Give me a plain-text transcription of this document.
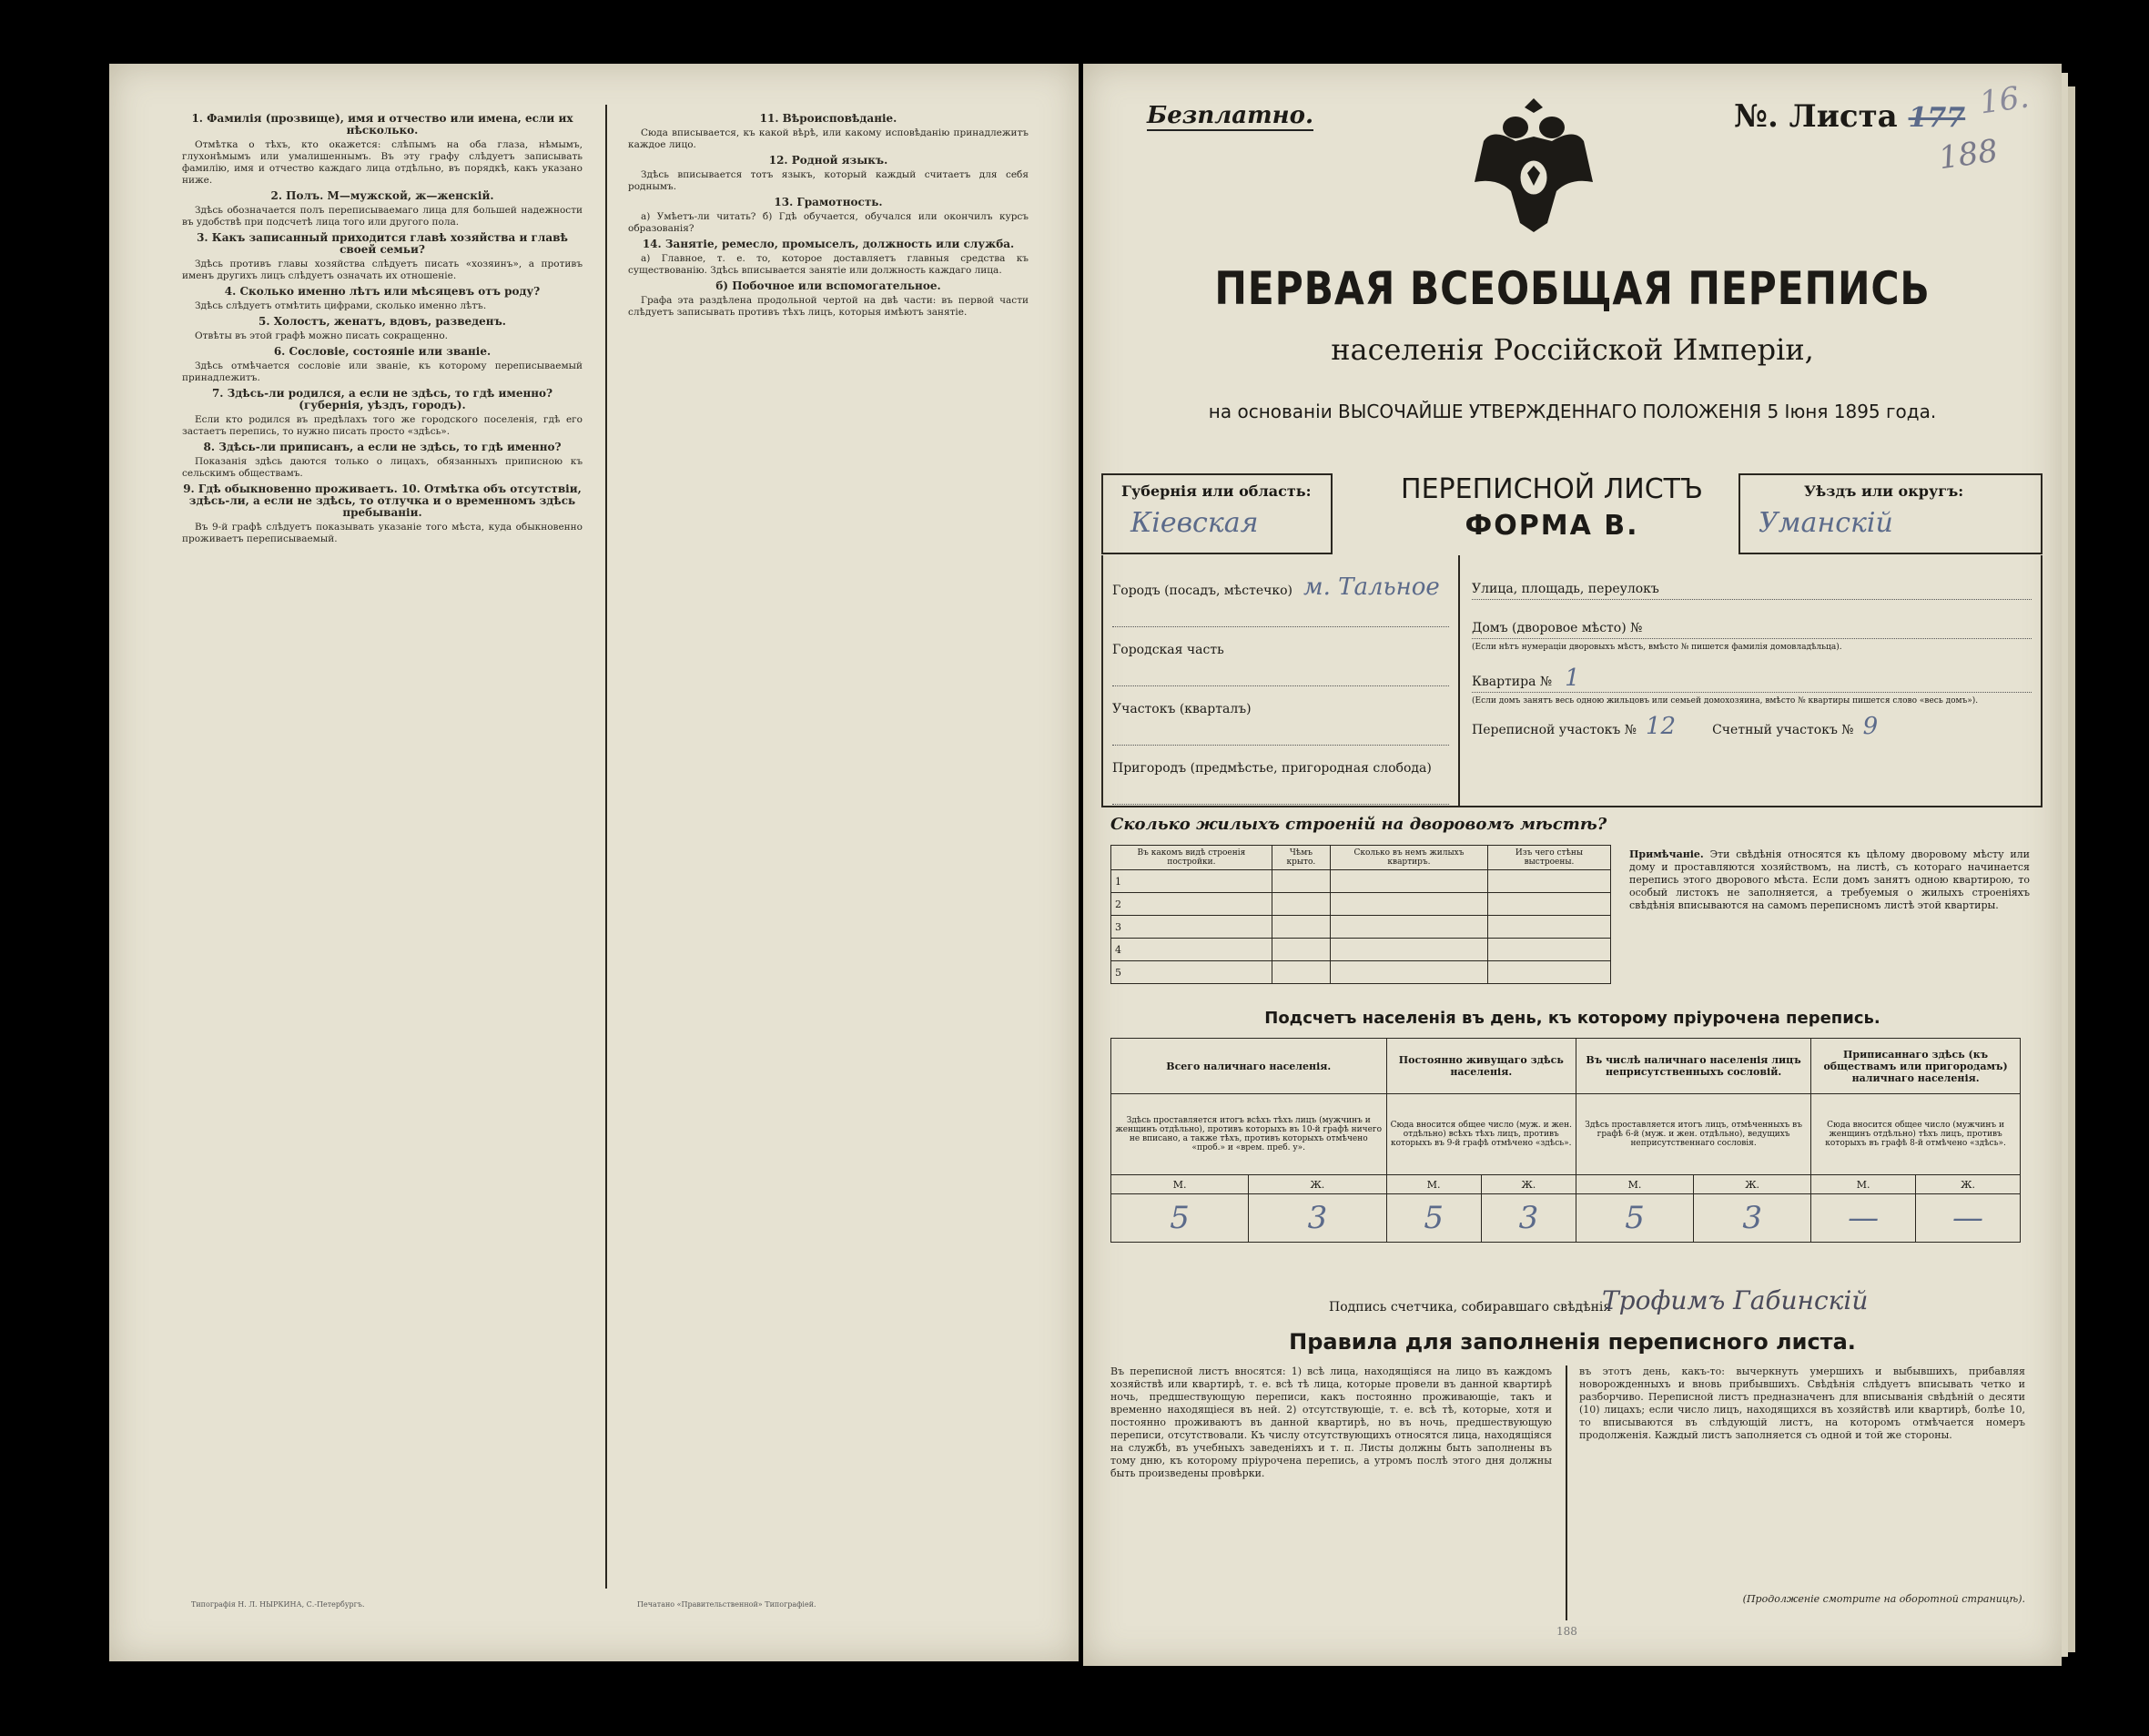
1. Фамилія (прозвище), имя и отчество или имена, если их нѣсколько.

Отмѣтка о тѣхъ, кто окажется: слѣпымъ на оба глаза, нѣмымъ, глухонѣмымъ или умалишеннымъ. Въ эту графу слѣдуетъ записывать фамилію, имя и отчество каждаго лица отдѣльно, въ порядкѣ, какъ указано ниже.

2. Полъ. М—мужской, ж—женскій.

Здѣсь обозначается полъ переписываемаго лица для большей надежности въ удобствѣ при подсчетѣ лица того или другого пола.

3. Какъ записанный приходится главѣ хозяйства и главѣ своей семьи?

Здѣсь противъ главы хозяйства слѣдуетъ писать «хозяинъ», а противъ именъ другихъ лицъ слѣдуетъ означать их отношеніе.

4. Сколько именно лѣтъ или мѣсяцевъ отъ роду?

Здѣсь слѣдуетъ отмѣтить цифрами, сколько именно лѣтъ.

5. Холостъ, женатъ, вдовъ, разведенъ.

Отвѣты въ этой графѣ можно писать сокращенно.

6. Сословіе, состояніе или званіе.

Здѣсь отмѣчается сословіе или званіе, къ которому переписываемый принадлежитъ.

7. Здѣсь-ли родился, а если не здѣсь, то гдѣ именно? (губернія, уѣздъ, городъ).

Если кто родился въ предѣлахъ того же городского поселенія, гдѣ его застаетъ перепись, то нужно писать просто «здѣсь».

8. Здѣсь-ли приписанъ, а если не здѣсь, то гдѣ именно?

Показанія здѣсь даются только о лицахъ, обязанныхъ приписною къ сельскимъ обществамъ.

9. Гдѣ обыкновенно проживаетъ. 10. Отмѣтка объ отсутствіи, здѣсь-ли, а если не здѣсь, то отлучка и о временномъ здѣсь пребываніи.

Въ 9-й графѣ слѣдуетъ показывать указаніе того мѣста, куда обыкновенно проживаетъ переписываемый.

11. Вѣроисповѣданіе.

Сюда вписывается, къ какой вѣрѣ, или какому исповѣданію принадлежитъ каждое лицо.

12. Родной языкъ.

Здѣсь вписывается тотъ языкъ, который каждый считаетъ для себя роднымъ.

13. Грамотность.

а) Умѣетъ-ли читать? б) Гдѣ обучается, обучался или окончилъ курсъ образованія?

14. Занятіе, ремесло, промыселъ, должность или служба.

а) Главное, т. е. то, которое доставляетъ главныя средства къ существованію. Здѣсь вписывается занятіе или должность каждаго лица.

б) Побочное или вспомогательное.

Графа эта раздѣлена продольной чертой на двѣ части: въ первой части слѣдуетъ записывать противъ тѣхъ лицъ, которыя имѣютъ занятіе.

Типографія Н. Л. НЫРКИНА, С.-Петербургъ.	Печатано «Правительственной» Типографіей.
Безплатно.	№. Листа 177 16.
188
ПЕРВАЯ ВСЕОБЩАЯ ПЕРЕПИСЬ
населенія Россійской Имперіи,
на основаніи ВЫСОЧАЙШЕ УТВЕРЖДЕННАГО ПОЛОЖЕНІЯ 5 Іюня 1895 года.
Губернія или область:
Кіевская
ПЕРЕПИСНОЙ ЛИСТЪ
ФОРМА В.
Уѣздъ или округъ:
Уманскій
Городъ (посадъ, мѣстечко) м. Тальное
Городская часть
Участокъ (кварталъ)
Пригородъ (предмѣстье, пригородная слобода)
Улица, площадь, переулокъ
Домъ (дворовое мѣсто) №
(Если нѣтъ нумераціи дворовыхъ мѣстъ, вмѣсто № пишется фамилія домовладѣльца).
Квартира № 1
(Если домъ занятъ весь одною жильцовъ или семьей домохозяина, вмѣсто № квартиры пишется слово «весь домъ»).
Переписной участокъ № 12	Счетный участокъ № 9
Сколько жилыхъ строеній на дворовомъ мѣстѣ?
Въ какомъ видѣ строенія постройки.	Чѣмъ крыто.	Сколько въ немъ жилыхъ квартиръ.	Изъ чего стѣны выстроены.
1			
2			
3			
4			
5			
Примѣчаніе. Эти свѣдѣнія относятся къ цѣлому дворовому мѣсту или дому и проставляются хозяйствомъ, на листѣ, съ котораго начинается перепись этого дворового мѣста. Если домъ занятъ одною квартирою, то особый листокъ не заполняется, а требуемыя о жилыхъ строеніяхъ свѣдѣнія вписываются на самомъ переписномъ листѣ этой квартиры.
Подсчетъ населенія въ день, къ которому пріурочена перепись.
Всего наличнаго населенія.		Постоянно живущаго здѣсь населенія.		Въ числѣ наличнаго населенія лицъ неприсутственныхъ сословій.		Приписаннаго здѣсь (къ обществамъ или пригородамъ) наличнаго населенія.	
Здѣсь проставляется итогъ всѣхъ тѣхъ лицъ (мужчинъ и женщинъ отдѣльно), противъ которыхъ въ 10-й графѣ ничего не вписано, а также тѣхъ, противъ которыхъ отмѣчено «проб.» и «врем. преб. у».		Сюда вносится общее число (муж. и жен. отдѣльно) всѣхъ тѣхъ лицъ, противъ которыхъ въ 9-й графѣ отмѣчено «здѣсь».		Здѣсь проставляется итогъ лицъ, отмѣченныхъ въ графѣ 6-й (муж. и жен. отдѣльно), ведущихъ неприсутственнаго сословія.		Сюда вносится общее число (мужчинъ и женщинъ отдѣльно) тѣхъ лицъ, противъ которыхъ въ графѣ 8-й отмѣчено «здѣсь».	
М.	Ж.	М.	Ж.	М.	Ж.	М.	Ж.
5	3	5	3	5	3	—	—
Подпись счетчика, собиравшаго свѣдѣнія
Трофимъ Габинскій
Правила для заполненія переписного листа.
Въ переписной листъ вносятся: 1) всѣ лица, находящіяся на лицо въ каждомъ хозяйствѣ или квартирѣ, т. е. всѣ тѣ лица, которые провели въ данной квартирѣ ночь, предшествующую переписи, какъ постоянно проживающіе, такъ и временно находящіеся въ ней. 2) отсутствующіе, т. е. всѣ тѣ, которые, хотя и постоянно проживаютъ въ данной квартирѣ, но въ ночь, предшествующую переписи, отсутствовали. Къ числу отсутствующихъ относятся лица, находящіяся на службѣ, въ учебныхъ заведеніяхъ и т. п. Листы должны быть заполнены въ тому дню, къ которому пріурочена перепись, а утромъ послѣ этого дня должны быть произведены провѣрки.
въ этотъ день, какъ-то: вычеркнуть умершихъ и выбывшихъ, прибавляя новорожденныхъ и вновь прибывшихъ. Свѣдѣнія слѣдуетъ вписывать четко и разборчиво. Переписной листъ предназначенъ для вписыванія свѣдѣній о десяти (10) лицахъ; если число лицъ, находящихся въ хозяйствѣ или квартирѣ, болѣе 10, то вписываются въ слѣдующій листъ, на которомъ отмѣчается номеръ продолженія. Каждый листъ заполняется съ одной и той же стороны.
(Продолженіе смотрите на оборотной страницѣ).
188
